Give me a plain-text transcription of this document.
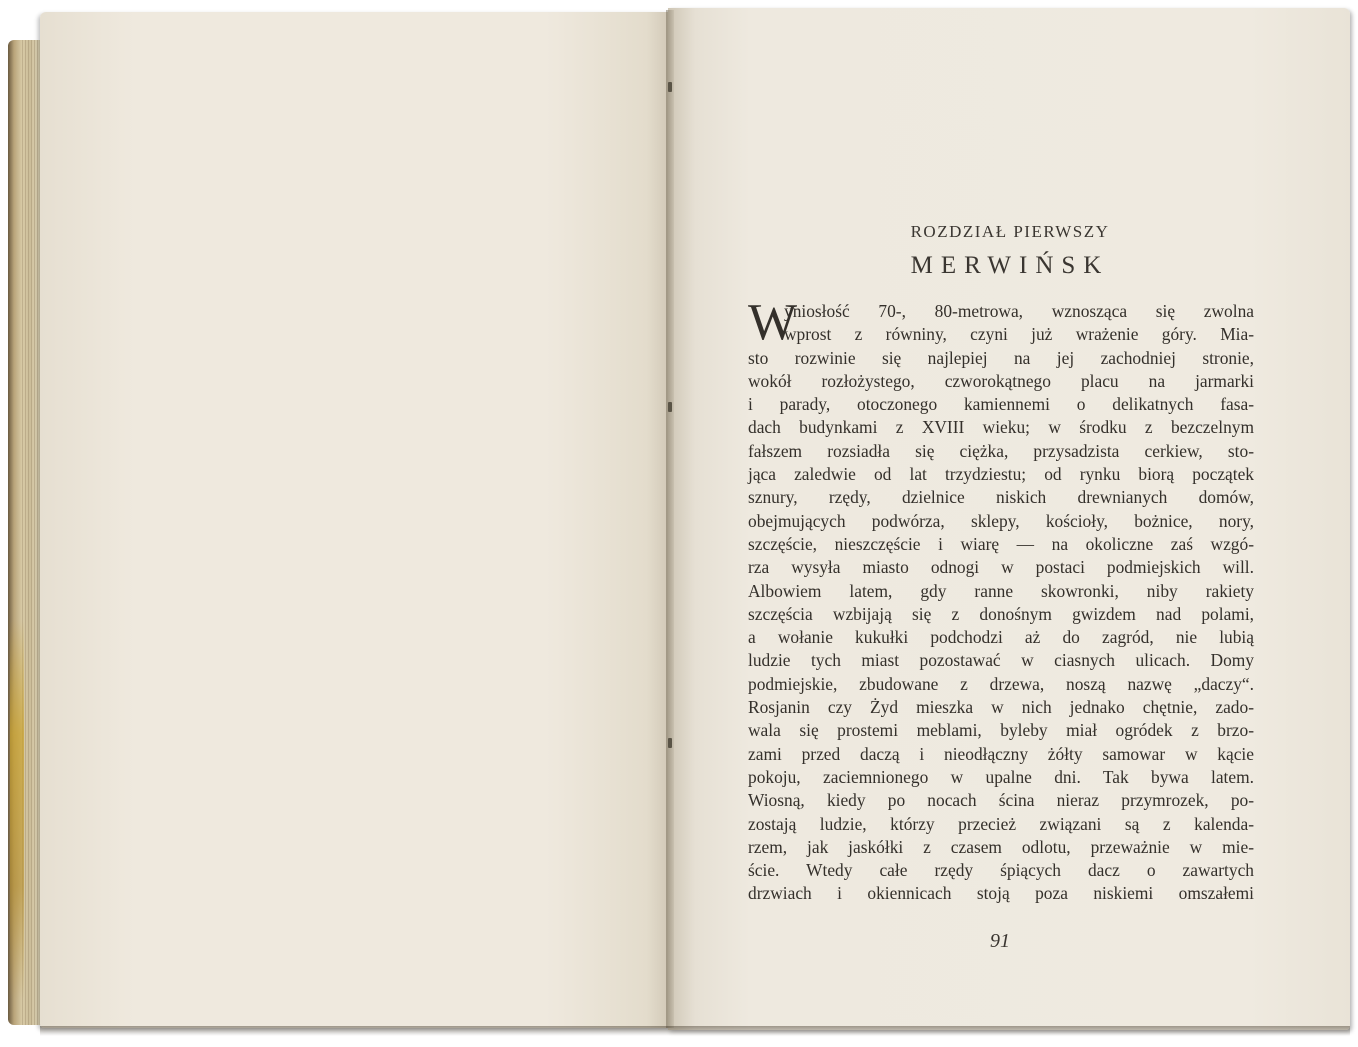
ROZDZIAŁ PIERWSZY
MERWIŃSK
W
yniosłość 70-, 80-metrowa, wznosząca się zwolna
wprost z równiny, czyni już wrażenie góry. Mia-
sto rozwinie się najlepiej na jej zachodniej stronie,
wokół rozłożystego, czworokątnego placu na jarmarki
i parady, otoczonego kamiennemi o delikatnych fasa-
dach budynkami z XVIII wieku; w środku z bezczelnym
fałszem rozsiadła się ciężka, przysadzista cerkiew, sto-
jąca zaledwie od lat trzydziestu; od rynku biorą początek
sznury, rzędy, dzielnice niskich drewnianych domów,
obejmujących podwórza, sklepy, kościoły, bożnice, nory,
szczęście, nieszczęście i wiarę — na okoliczne zaś wzgó-
rza wysyła miasto odnogi w postaci podmiejskich will.
Albowiem latem, gdy ranne skowronki, niby rakiety
szczęścia wzbijają się z donośnym gwizdem nad polami,
a wołanie kukułki podchodzi aż do zagród, nie lubią
ludzie tych miast pozostawać w ciasnych ulicach. Domy
podmiejskie, zbudowane z drzewa, noszą nazwę „daczy“.
Rosjanin czy Żyd mieszka w nich jednako chętnie, zado-
wala się prostemi meblami, byleby miał ogródek z brzo-
zami przed daczą i nieodłączny żółty samowar w kącie
pokoju, zaciemnionego w upalne dni. Tak bywa latem.
Wiosną, kiedy po nocach ścina nieraz przymrozek, po-
zostają ludzie, którzy przecież związani są z kalenda-
rzem, jak jaskółki z czasem odlotu, przeważnie w mie-
ście. Wtedy całe rzędy śpiących dacz o zawartych
drzwiach i okiennicach stoją poza niskiemi omszałemi
91
